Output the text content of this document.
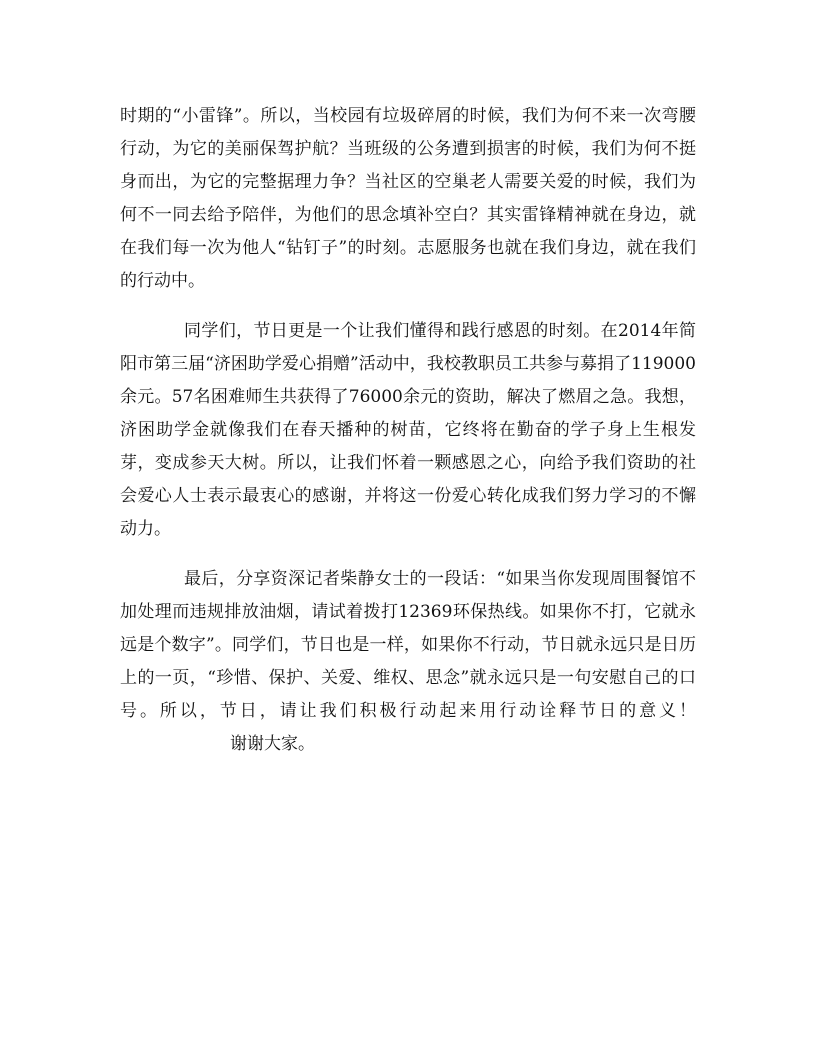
时期的“小雷锋”。所以，当校园有垃圾碎屑的时候，我们为何不来一次弯腰行动，为它的美丽保驾护航？当班级的公务遭到损害的时候，我们为何不挺身而出，为它的完整据理力争？当社区的空巢老人需要关爱的时候，我们为何不一同去给予陪伴，为他们的思念填补空白？其实雷锋精神就在身边，就在我们每一次为他人“钻钉子”的时刻。志愿服务也就在我们身边，就在我们的行动中。

同学们，节日更是一个让我们懂得和践行感恩的时刻。在2014年简阳市第三届“济困助学爱心捐赠”活动中，我校教职员工共参与募捐了119000余元。57名困难师生共获得了76000余元的资助，解决了燃眉之急。我想，济困助学金就像我们在春天播种的树苗，它终将在勤奋的学子身上生根发芽，变成参天大树。所以，让我们怀着一颗感恩之心，向给予我们资助的社会爱心人士表示最衷心的感谢，并将这一份爱心转化成我们努力学习的不懈动力。

最后，分享资深记者柴静女士的一段话：“如果当你发现周围餐馆不加处理而违规排放油烟，请试着拨打12369环保热线。如果你不打，它就永远是个数字”。同学们，节日也是一样，如果你不行动，节日就永远只是日历上的一页，“珍惜、保护、关爱、维权、思念”就永远只是一句安慰自己的口号。所以，节日，请让我们积极行动起来用行动诠释节日的意义！谢谢大家。
